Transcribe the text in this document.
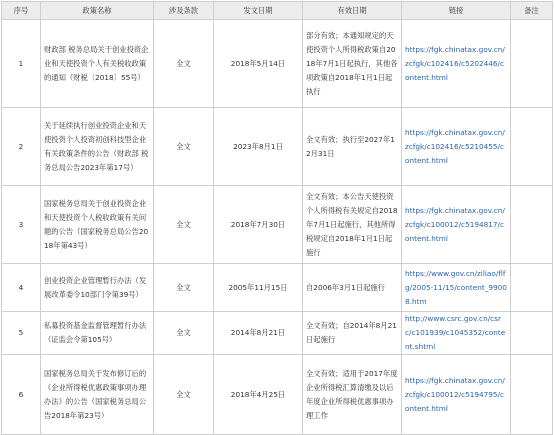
序号	政策名称	涉及条款	发文日期	有效日期	链接	备注
1	财政部 税务总局关于创业投资企业和天使投资个人有关税收政策的通知（财税〔2018〕55号）	全文	2018年5月14日	部分有效；本通知规定的天使投资个人所得税政策自2018年7月1日起执行，其他各项政策自2018年1月1日起执行	https://fgk.chinatax.gov.cn/zcfgk/c102416/c5202446/content.html	
2	关于延续执行创业投资企业和天使投资个人投资初创科技型企业有关政策条件的公告（财政部 税务总局公告2023年第17号）	全文	2023年8月1日	全文有效；执行至2027年12月31日	https://fgk.chinatax.gov.cn/zcfgk/c102416/c5210455/content.html	
3	国家税务总局关于创业投资企业和天使投资个人税收政策有关问题的公告（国家税务总局公告2018年第43号）	全文	2018年7月30日	全文有效；本公告天使投资个人所得税有关规定自2018年7月1日起施行，其他所得税规定自2018年1月1日起施行	https://fgk.chinatax.gov.cn/zcfgk/c100012/c5194817/content.html	
4	创业投资企业管理暂行办法（发展改革委令10部门令第39号）	全文	2005年11月15日	自2006年3月1日起施行	https://www.gov.cn/ziliao/flfg/2005-11/15/content_99008.htm	
5	私募投资基金监督管理暂行办法（证监会令第105号）	全文	2014年8月21日	全文有效；自2014年8月21日起施行	http://www.csrc.gov.cn/csrc/c101939/c1045352/content.shtml	
6	国家税务总局关于发布修订后的《企业所得税优惠政策事项办理办法》的公告（国家税务总局公告2018年第23号）	全文	2018年4月25日	全文有效；适用于2017年度企业所得税汇算清缴及以后年度企业所得税优惠事项办理工作	https://fgk.chinatax.gov.cn/zcfgk/c100012/c5194795/content.html	
